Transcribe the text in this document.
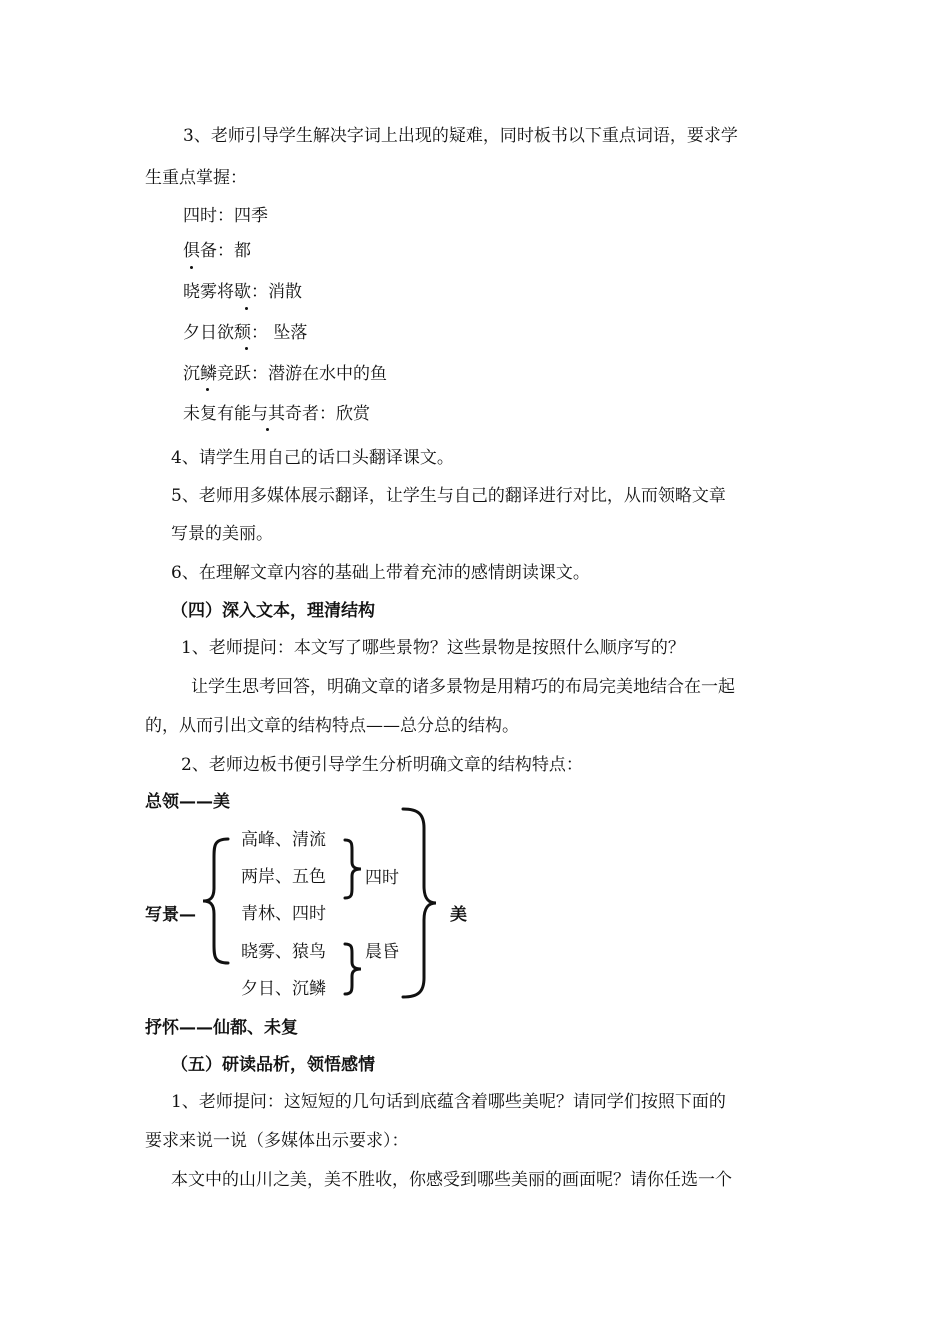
3、老师引导学生解决字词上出现的疑难，同时板书以下重点词语，要求学
生重点掌握：
四时：四季
俱备：都
晓雾将歇：消散
夕日欲颓： 坠落
沉鳞竞跃：潜游在水中的鱼
未复有能与其奇者：欣赏
4、请学生用自己的话口头翻译课文。
5、老师用多媒体展示翻译，让学生与自己的翻译进行对比，从而领略文章
写景的美丽。
6、在理解文章内容的基础上带着充沛的感情朗读课文。
（四）深入文本，理清结构
1、老师提问：本文写了哪些景物？这些景物是按照什么顺序写的？
让学生思考回答，明确文章的诸多景物是用精巧的布局完美地结合在一起
的，从而引出文章的结构特点——总分总的结构。
2、老师边板书便引导学生分析明确文章的结构特点：
总领——美
写景—
高峰、清流
两岸、五色
青林、四时
晓雾、猿鸟
夕日、沉鳞
四时
晨昏
美
抒怀——仙都、未复
（五）研读品析，领悟感情
1、老师提问：这短短的几句话到底蕴含着哪些美呢？请同学们按照下面的
要求来说一说（多媒体出示要求）：
本文中的山川之美，美不胜收，你感受到哪些美丽的画面呢？请你任选一个
